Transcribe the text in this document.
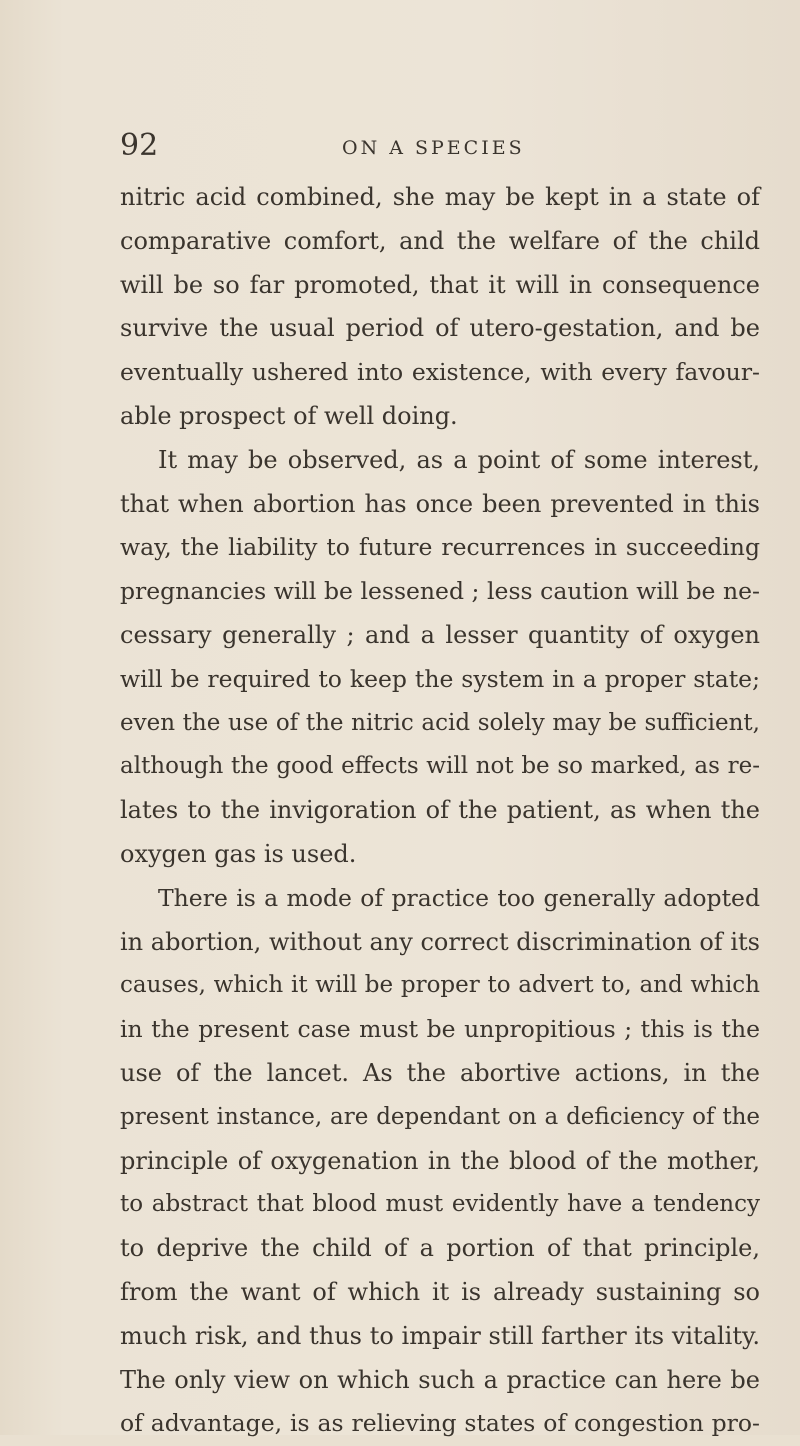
92	ON A SPECIES
nitric acid combined, she may be kept in a state of
comparative comfort, and the welfare of the child
will be so far promoted, that it will in consequence
survive the usual period of utero-gestation, and be
eventually ushered into existence, with every favour-
able prospect of well doing.
It may be observed, as a point of some interest,
that when abortion has once been prevented in this
way, the liability to future recurrences in succeeding
pregnancies will be lessened ; less caution will be ne-
cessary generally ; and a lesser quantity of oxygen
will be required to keep the system in a proper state;
even the use of the nitric acid solely may be sufficient,
although the good effects will not be so marked, as re-
lates to the invigoration of the patient, as when the
oxygen gas is used.
There is a mode of practice too generally adopted
in abortion, without any correct discrimination of its
causes, which it will be proper to advert to, and which
in the present case must be unpropitious ; this is the
use of the lancet. As the abortive actions, in the
present instance, are dependant on a deficiency of the
principle of oxygenation in the blood of the mother,
to abstract that blood must evidently have a tendency
to deprive the child of a portion of that principle,
from the want of which it is already sustaining so
much risk, and thus to impair still farther its vitality.
The only view on which such a practice can here be
of advantage, is as relieving states of congestion pro-
